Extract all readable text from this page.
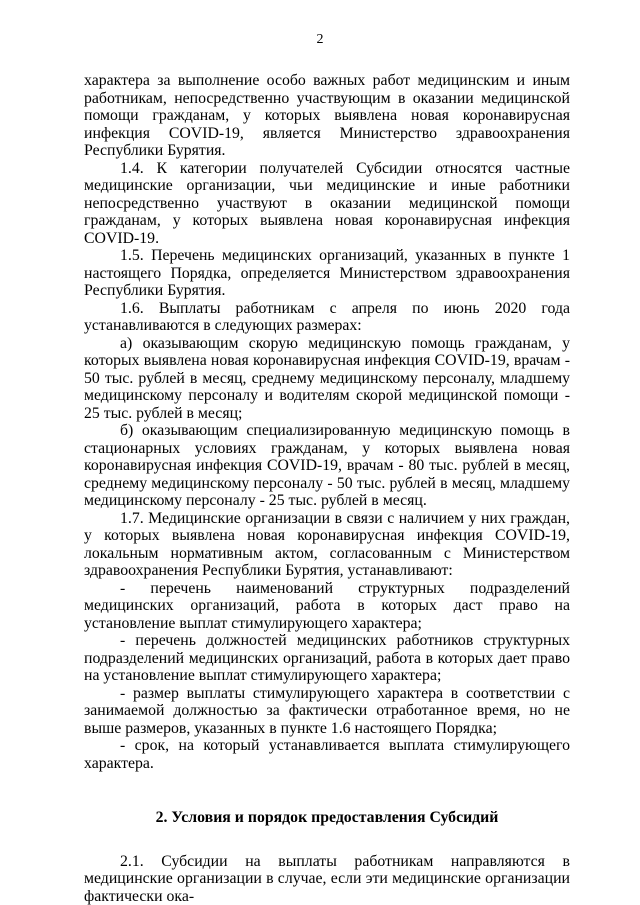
2

характера за выполнение особо важных работ медицинским и иным работникам, непосредственно участвующим в оказании медицинской помощи гражданам, у которых выявлена новая коронавирусная инфекция COVID-19, является Министерство здравоохранения Республики Бурятия.

1.4. К категории получателей Субсидии относятся частные медицинские организации, чьи медицинские и иные работники непосредственно участвуют в оказании медицинской помощи гражданам, у которых выявлена новая коронавирусная инфекция COVID-19.

1.5. Перечень медицинских организаций, указанных в пункте 1 настоящего Порядка, определяется Министерством здравоохранения Республики Бурятия.

1.6. Выплаты работникам с апреля по июнь 2020 года устанавливаются в следующих размерах:

а) оказывающим скорую медицинскую помощь гражданам, у которых выявлена новая коронавирусная инфекция COVID-19, врачам - 50 тыс. рублей в месяц, среднему медицинскому персоналу, младшему медицинскому персоналу и водителям скорой медицинской помощи - 25 тыс. рублей в месяц;

б) оказывающим специализированную медицинскую помощь в стационарных условиях гражданам, у которых выявлена новая коронавирусная инфекция COVID-19, врачам - 80 тыс. рублей в месяц, среднему медицинскому персоналу - 50 тыс. рублей в месяц, младшему медицинскому персоналу - 25 тыс. рублей в месяц.

1.7. Медицинские организации в связи с наличием у них граждан, у которых выявлена новая коронавирусная инфекция COVID-19, локальным нормативным актом, согласованным с Министерством здравоохранения Республики Бурятия, устанавливают:

- перечень наименований структурных подразделений медицинских организаций, работа в которых даст право на установление выплат стимулирующего характера;

- перечень должностей медицинских работников структурных подразделений медицинских организаций, работа в которых дает право на установление выплат стимулирующего характера;

- размер выплаты стимулирующего характера в соответствии с занимаемой должностью за фактически отработанное время, но не выше размеров, указанных в пункте 1.6 настоящего Порядка;

- срок, на который устанавливается выплата стимулирующего характера.

2. Условия и порядок предоставления Субсидий

2.1. Субсидии на выплаты работникам направляются в медицинские организации в случае, если эти медицинские организации фактически ока-
